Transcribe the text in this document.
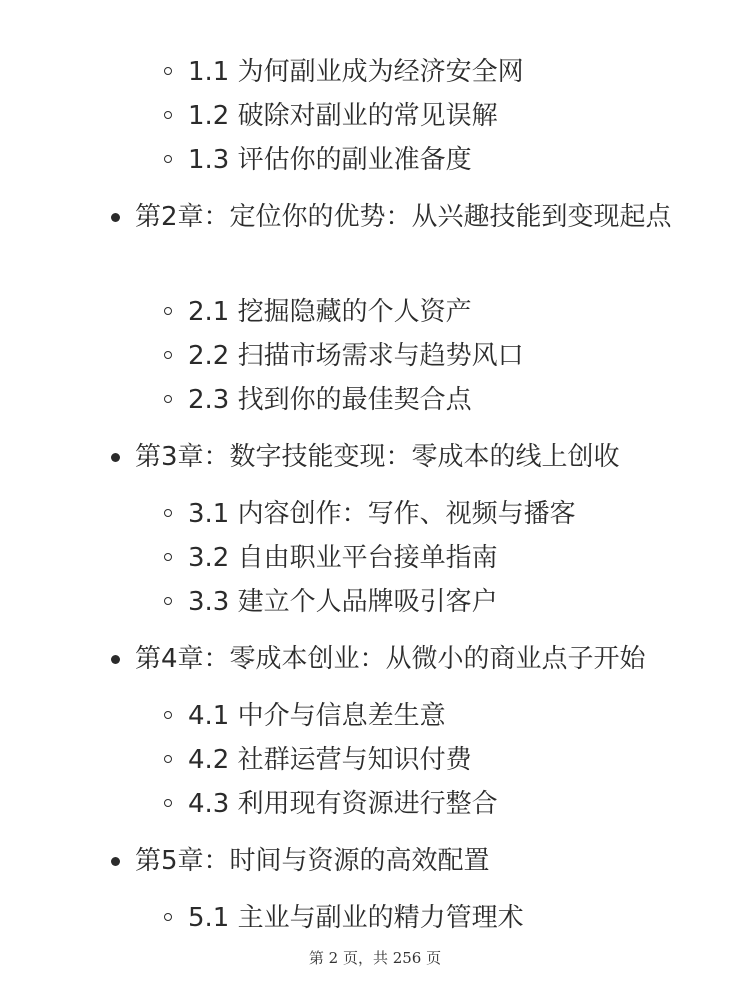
1.1 为何副业成为经济安全网
1.2 破除对副业的常见误解
1.3 评估你的副业准备度
第2章：定位你的优势：从兴趣技能到变现起点
2.1 挖掘隐藏的个人资产
2.2 扫描市场需求与趋势风口
2.3 找到你的最佳契合点
第3章：数字技能变现：零成本的线上创收
3.1 内容创作：写作、视频与播客
3.2 自由职业平台接单指南
3.3 建立个人品牌吸引客户
第4章：零成本创业：从微小的商业点子开始
4.1 中介与信息差生意
4.2 社群运营与知识付费
4.3 利用现有资源进行整合
第5章：时间与资源的高效配置
5.1 主业与副业的精力管理术
第 2 页，共 256 页
